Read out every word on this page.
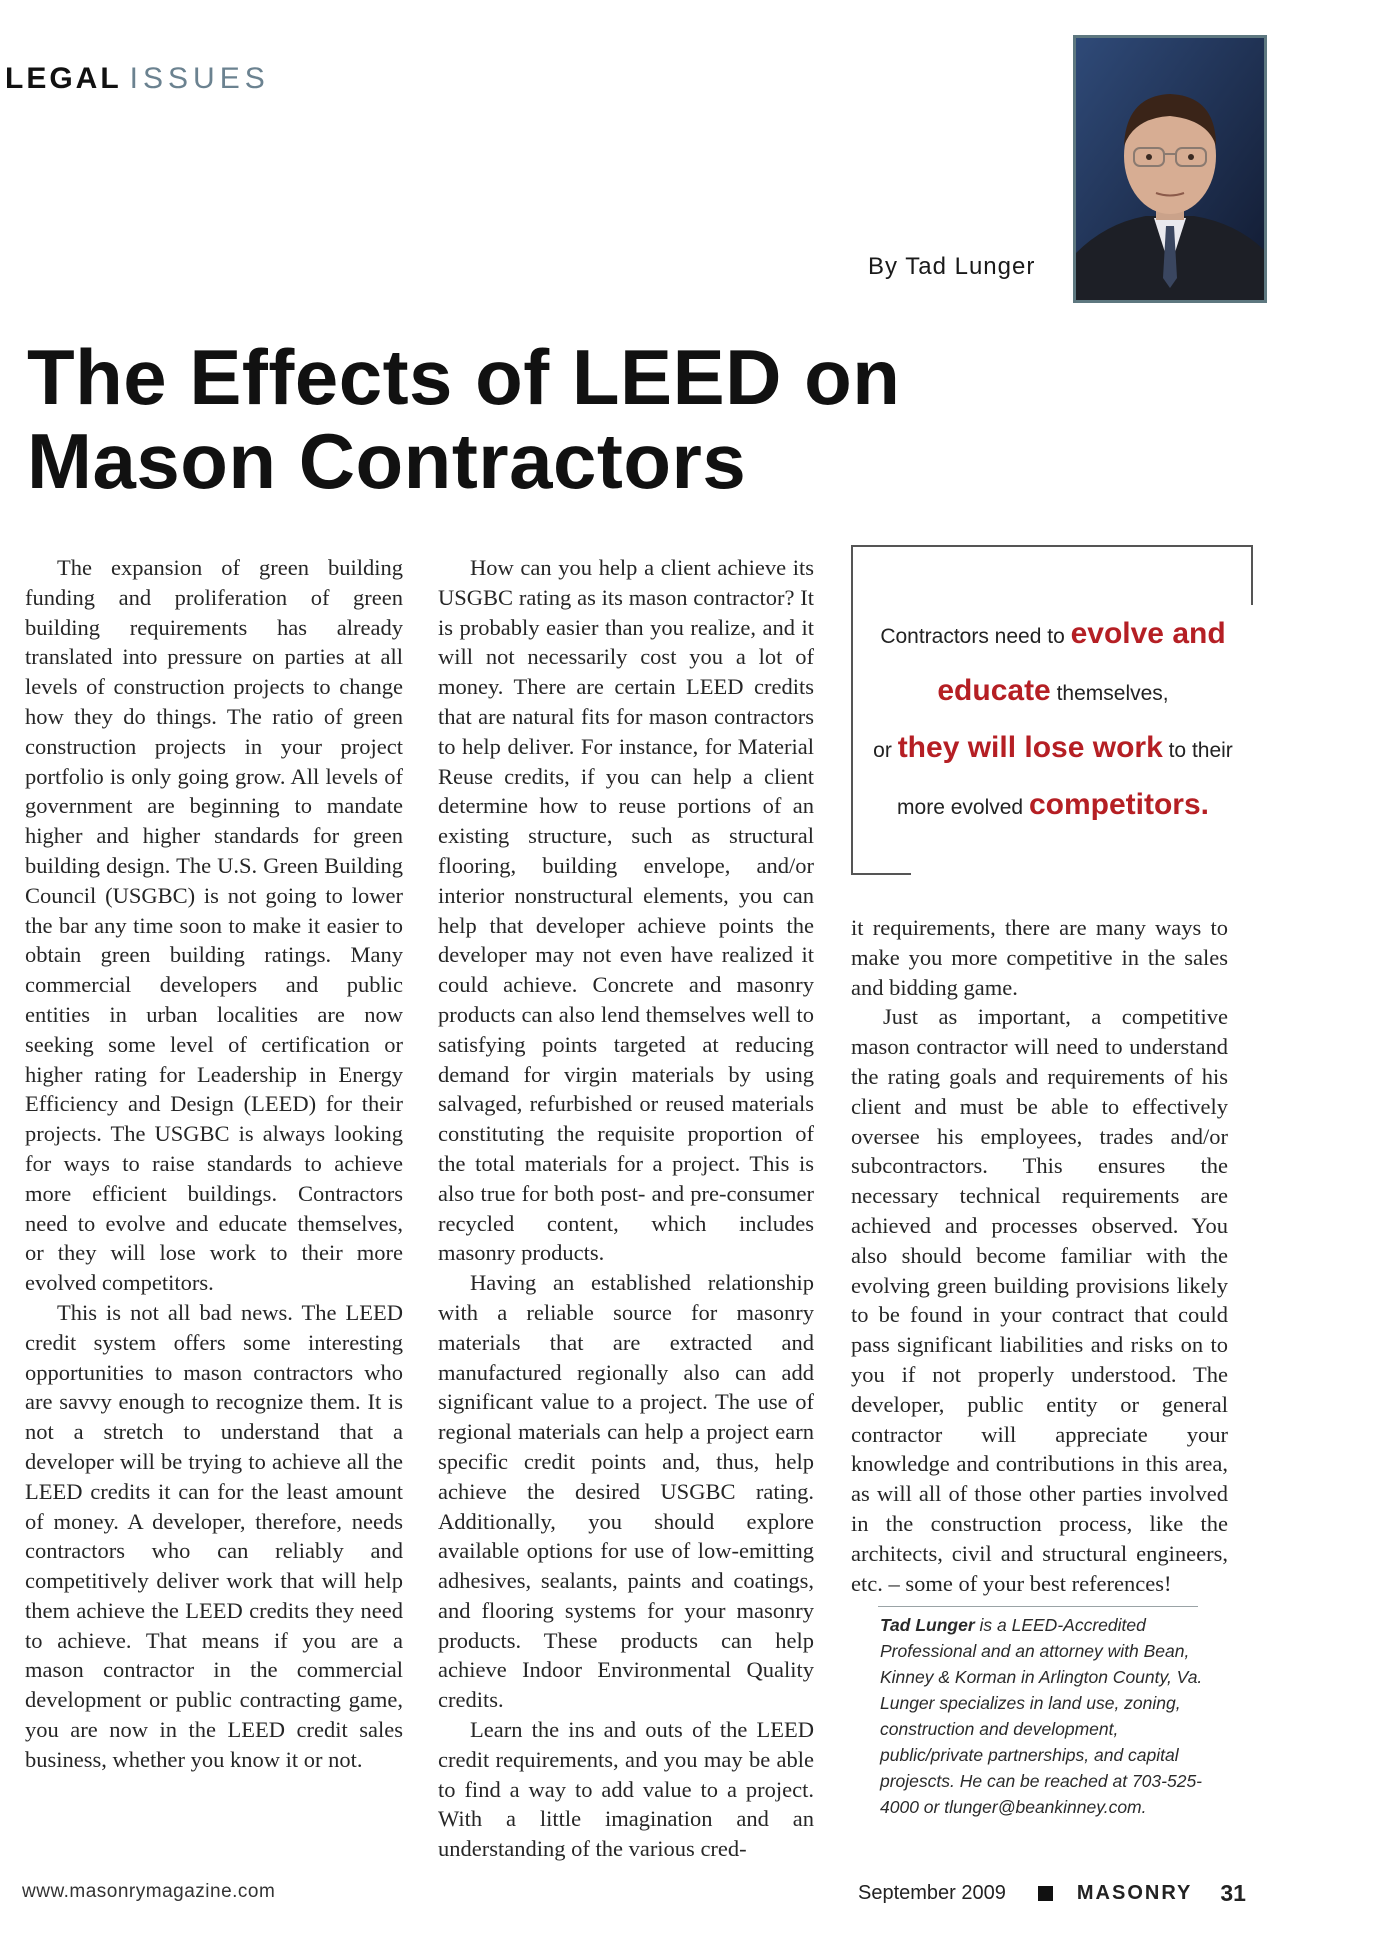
LEGAL ISSUES
By Tad Lunger
The Effects of LEED on
Mason Contractors

The expansion of green building funding and proliferation of green building requirements has already translated into pressure on parties at all levels of construction projects to change how they do things. The ratio of green construction projects in your project portfolio is only going grow. All levels of government are beginning to mandate higher and higher standards for green building design. The U.S. Green Building Council (USGBC) is not going to lower the bar any time soon to make it easier to obtain green building ratings. Many commercial developers and public entities in urban localities are now seeking some level of certification or higher rating for Leadership in Energy Efficiency and Design (LEED) for their projects. The USGBC is always looking for ways to raise standards to achieve more efficient buildings. Contractors need to evolve and educate themselves, or they will lose work to their more evolved competitors.

This is not all bad news. The LEED credit system offers some interesting opportunities to mason contractors who are savvy enough to recognize them. It is not a stretch to understand that a developer will be trying to achieve all the LEED credits it can for the least amount of money. A developer, therefore, needs contractors who can reliably and competitively deliver work that will help them achieve the LEED credits they need to achieve. That means if you are a mason contractor in the commercial development or public contracting game, you are now in the LEED credit sales business, whether you know it or not.

How can you help a client achieve its USGBC rating as its mason contractor? It is probably easier than you realize, and it will not necessarily cost you a lot of money. There are certain LEED credits that are natural fits for mason contractors to help deliver. For instance, for Material Reuse credits, if you can help a client determine how to reuse portions of an existing structure, such as structural flooring, building envelope, and/or interior nonstructural elements, you can help that developer achieve points the developer may not even have realized it could achieve. Concrete and masonry products can also lend themselves well to satisfying points targeted at reducing demand for virgin materials by using salvaged, refurbished or reused materials constituting the requisite proportion of the total materials for a project. This is also true for both post- and pre-consumer recycled content, which includes masonry products.

Having an established relationship with a reliable source for masonry materials that are extracted and manufactured regionally also can add significant value to a project. The use of regional materials can help a project earn specific credit points and, thus, help achieve the desired USGBC rating. Additionally, you should explore available options for use of low-emitting adhesives, sealants, paints and coatings, and flooring systems for your masonry products. These products can help achieve Indoor Environmental Quality credits.

Learn the ins and outs of the LEED credit requirements, and you may be able to find a way to add value to a project. With a little imagination and an understanding of the various cred-

Contractors need to evolve and
educate themselves,
or they will lose work to their
more evolved competitors.

it requirements, there are many ways to make you more competitive in the sales and bidding game.

Just as important, a competitive mason contractor will need to understand the rating goals and requirements of his client and must be able to effectively oversee his employees, trades and/or subcontractors. This ensures the necessary technical requirements are achieved and processes observed. You also should become familiar with the evolving green building provisions likely to be found in your contract that could pass significant liabilities and risks on to you if not properly understood. The developer, public entity or general contractor will appreciate your knowledge and contributions in this area, as will all of those other parties involved in the construction process, like the architects, civil and structural engineers, etc. – some of your best references!

Tad Lunger is a LEED-Accredited Professional and an attorney with Bean, Kinney & Korman in Arlington County, Va. Lunger specializes in land use, zoning, construction and development, public/private partnerships, and capital projescts. He can be reached at 703-525-4000 or tlunger@beankinney.com.
www.masonrymagazine.com	September 2009	MASONRY 31
